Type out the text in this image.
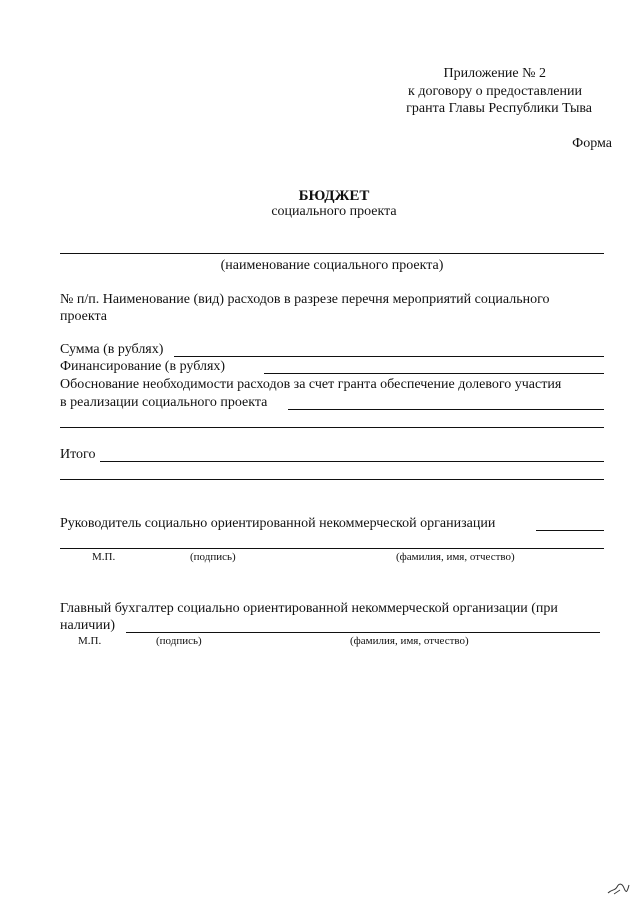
Приложение № 2
к договору о предоставлении
гранта Главы Республики Тыва
Форма
БЮДЖЕТ
социального проекта
(наименование социального проекта)
№ п/п. Наименование (вид) расходов в разрезе перечня мероприятий социального
проекта
Сумма (в рублях)
Финансирование (в рублях)
Обоснование необходимости расходов за счет гранта обеспечение долевого участия
в реализации социального проекта
Итого
Руководитель социально ориентированной некоммерческой организации
М.П.	(подпись)	(фамилия, имя, отчество)
Главный бухгалтер социально ориентированной некоммерческой организации (при
наличии)
М.П.	(подпись)	(фамилия, имя, отчество)
